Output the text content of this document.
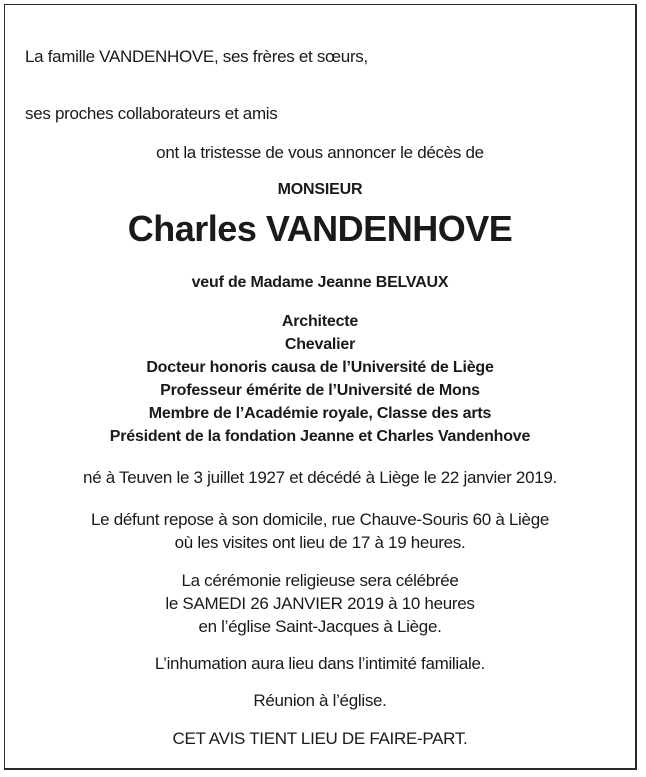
La famille VANDENHOVE, ses frères et sœurs,
ses proches collaborateurs et amis
ont la tristesse de vous annoncer le décès de
MONSIEUR
Charles VANDENHOVE
veuf de Madame Jeanne BELVAUX
Architecte
Chevalier
Docteur honoris causa de l’Université de Liège
Professeur émérite de l’Université de Mons
Membre de l’Académie royale, Classe des arts
Président de la fondation Jeanne et Charles Vandenhove
né à Teuven le 3 juillet 1927 et décédé à Liège le 22 janvier 2019.
Le défunt repose à son domicile, rue Chauve-Souris 60 à Liège
où les visites ont lieu de 17 à 19 heures.
La cérémonie religieuse sera célébrée
le SAMEDI 26 JANVIER 2019 à 10 heures
en l’église Saint-Jacques à Liège.
L’inhumation aura lieu dans l’intimité familiale.
Réunion à l’église.
CET AVIS TIENT LIEU DE FAIRE-PART.
